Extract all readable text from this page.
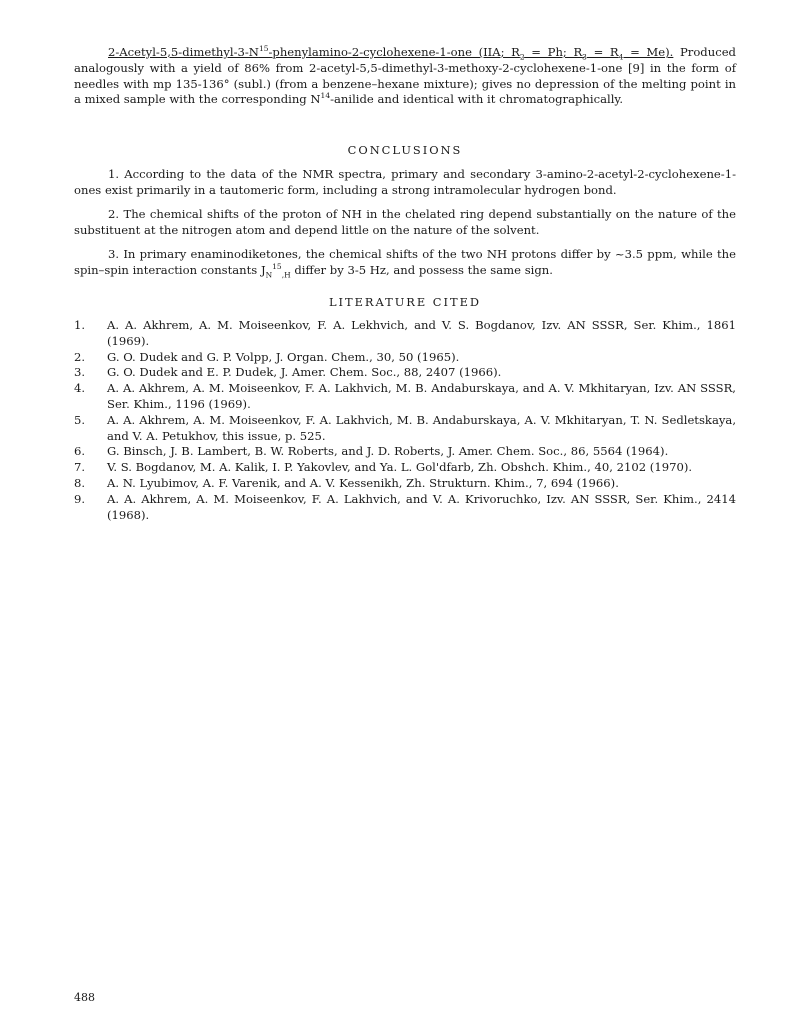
$2-Acetyl-5,5-dimethyl-3-N^{15}-phenylamino-2-cyclohexene-1$-one (IIA; $R_2 = Ph$; $R_3 = R_4 = Me$). Produced analogously with a yield of 86% from 2-acetyl-5,5-dimethyl-3-methoxy-2-cyclohexene-1-one [9] in the form of needles with mp 135-136° (subl.) (from a benzene–hexane mixture); gives no depression of the melting point in a mixed sample with the corresponding $N^{14}$-anilide and identical with it chromatographically.

CONCLUSIONS

1. According to the data of the NMR spectra, primary and secondary 3-amino-2-acetyl-2-cyclohexene-1-ones exist primarily in a tautomeric form, including a strong intramolecular hydrogen bond.

2. The chemical shifts of the proton of NH in the chelated ring depend substantially on the nature of the substituent at the nitrogen atom and depend little on the nature of the solvent.

3. In primary enaminodiketones, the chemical shifts of the two NH protons differ by ~3.5 ppm, while the spin–spin interaction constants $J_N^{15}_{,H}$ differ by 3-5 Hz, and possess the same sign.

LITERATURE CITED
1.	A. A. Akhrem, A. M. Moiseenkov, F. A. Lekhvich, and V. S. Bogdanov, Izv. AN SSSR, Ser. Khim., 1861 (1969).
2.	G. O. Dudek and G. P. Volpp, J. Organ. Chem., 30, 50 (1965).
3.	G. O. Dudek and E. P. Dudek, J. Amer. Chem. Soc., 88, 2407 (1966).
4.	A. A. Akhrem, A. M. Moiseenkov, F. A. Lakhvich, M. B. Andaburskaya, and A. V. Mkhitaryan, Izv. AN SSSR, Ser. Khim., 1196 (1969).
5.	A. A. Akhrem, A. M. Moiseenkov, F. A. Lakhvich, M. B. Andaburskaya, A. V. Mkhitaryan, T. N. Sedletskaya, and V. A. Petukhov, this issue, p. 525.
6.	G. Binsch, J. B. Lambert, B. W. Roberts, and J. D. Roberts, J. Amer. Chem. Soc., 86, 5564 (1964).
7.	V. S. Bogdanov, M. A. Kalik, I. P. Yakovlev, and Ya. L. Gol'dfarb, Zh. Obshch. Khim., 40, 2102 (1970).
8.	A. N. Lyubimov, A. F. Varenik, and A. V. Kessenikh, Zh. Strukturn. Khim., 7, 694 (1966).
9.	A. A. Akhrem, A. M. Moiseenkov, F. A. Lakhvich, and V. A. Krivoruchko, Izv. AN SSSR, Ser. Khim., 2414 (1968).
488
